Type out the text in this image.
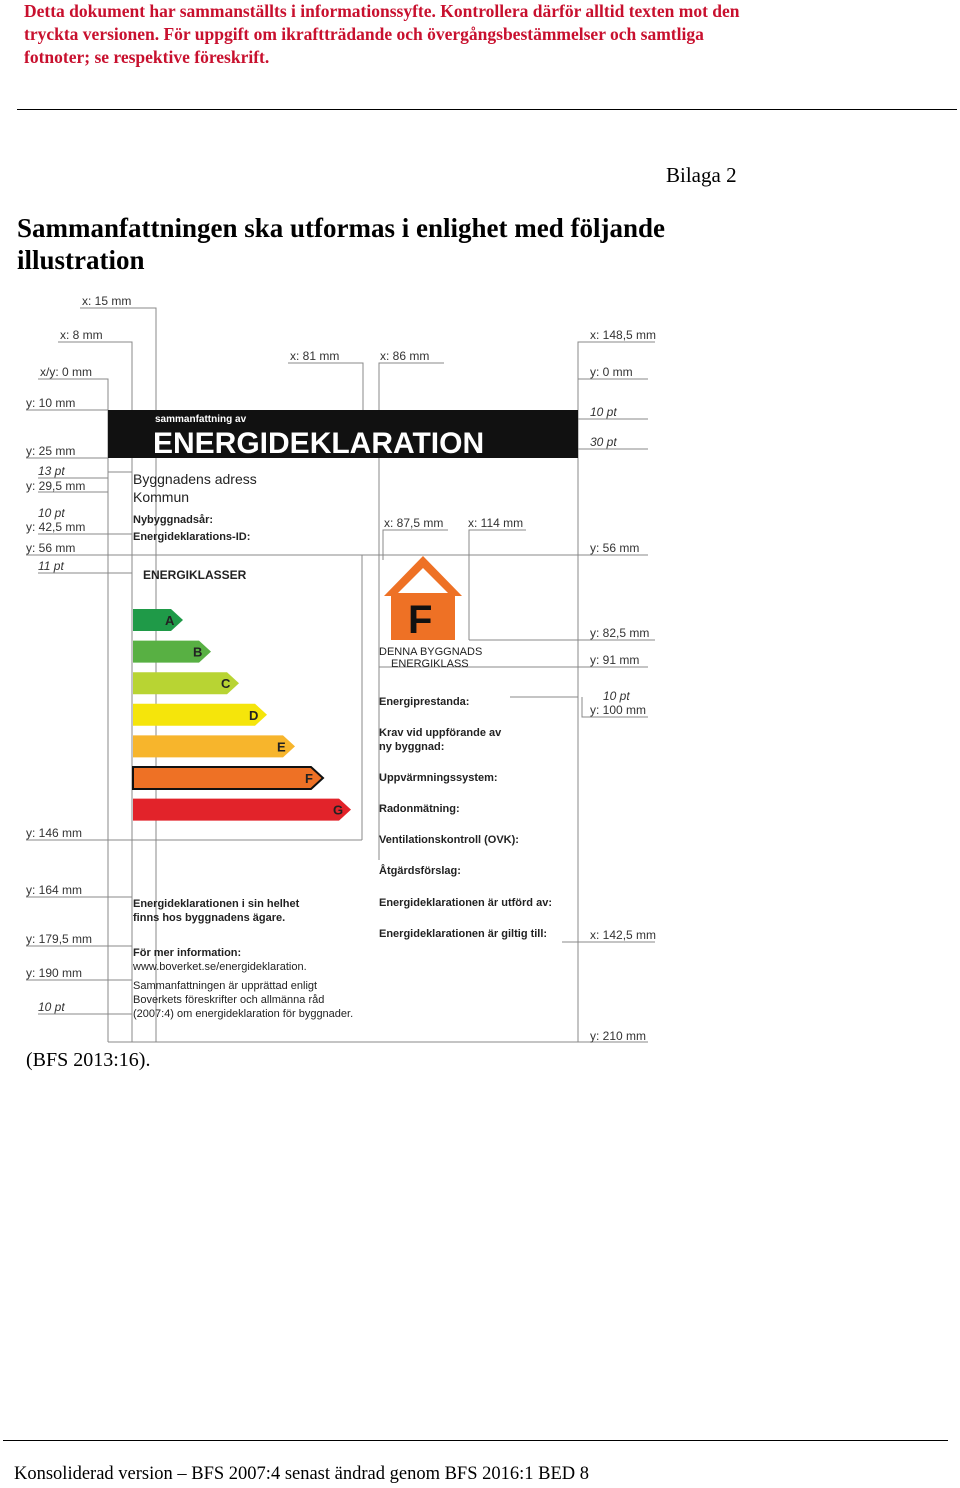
Detta dokument har sammanställts i informationssyfte. Kontrollera därför alltid texten mot den tryckta versionen. För uppgift om ikraftträdande och övergångsbestämmelser och samtliga fotnoter; se respektive föreskrift.
Bilaga 2
Sammanfattningen ska utformas i enlighet med följande illustration
x: 15 mm
x: 8 mm
x/y: 0 mm
x: 81 mm	x: 86 mm
x: 148,5 mm
y: 0 mm
10 pt
30 pt
y: 10 mm
y: 25 mm
13 pt
y: 29,5 mm
10 pt
y: 42,5 mm
y: 56 mm
11 pt
x: 87,5 mm x: 114 mm
y: 56 mm
y: 82,5 mm
y: 91 mm
10 pt
y: 100 mm
y: 146 mm
y: 164 mm
y: 179,5 mm
y: 190 mm
10 pt
x: 142,5 mm
y: 210 mm
sammanfattning av
ENERGIDEKLARATION
Byggnadens adress
Kommun
Nybyggnadsår:
Energideklarations-ID:
ENERGIKLASSER
A
B
C
D
E
F
G
F
DENNA BYGGNADS
ENERGIKLASS
Energiprestanda:
Krav vid uppförande av
ny byggnad:
Uppvärmningssystem:
Radonmätning:
Ventilationskontroll (OVK):
Åtgärdsförslag:
Energideklarationen är utförd av:
Energideklarationen är giltig till:
Energideklarationen i sin helhet
finns hos byggnadens ägare.
För mer information:
www.boverket.se/energideklaration.
Sammanfattningen är upprättad enligt
Boverkets föreskrifter och allmänna råd
(2007:4) om energideklaration för byggnader.
(BFS 2013:16).
Konsoliderad version – BFS 2007:4 senast ändrad genom BFS 2016:1 BED 8
